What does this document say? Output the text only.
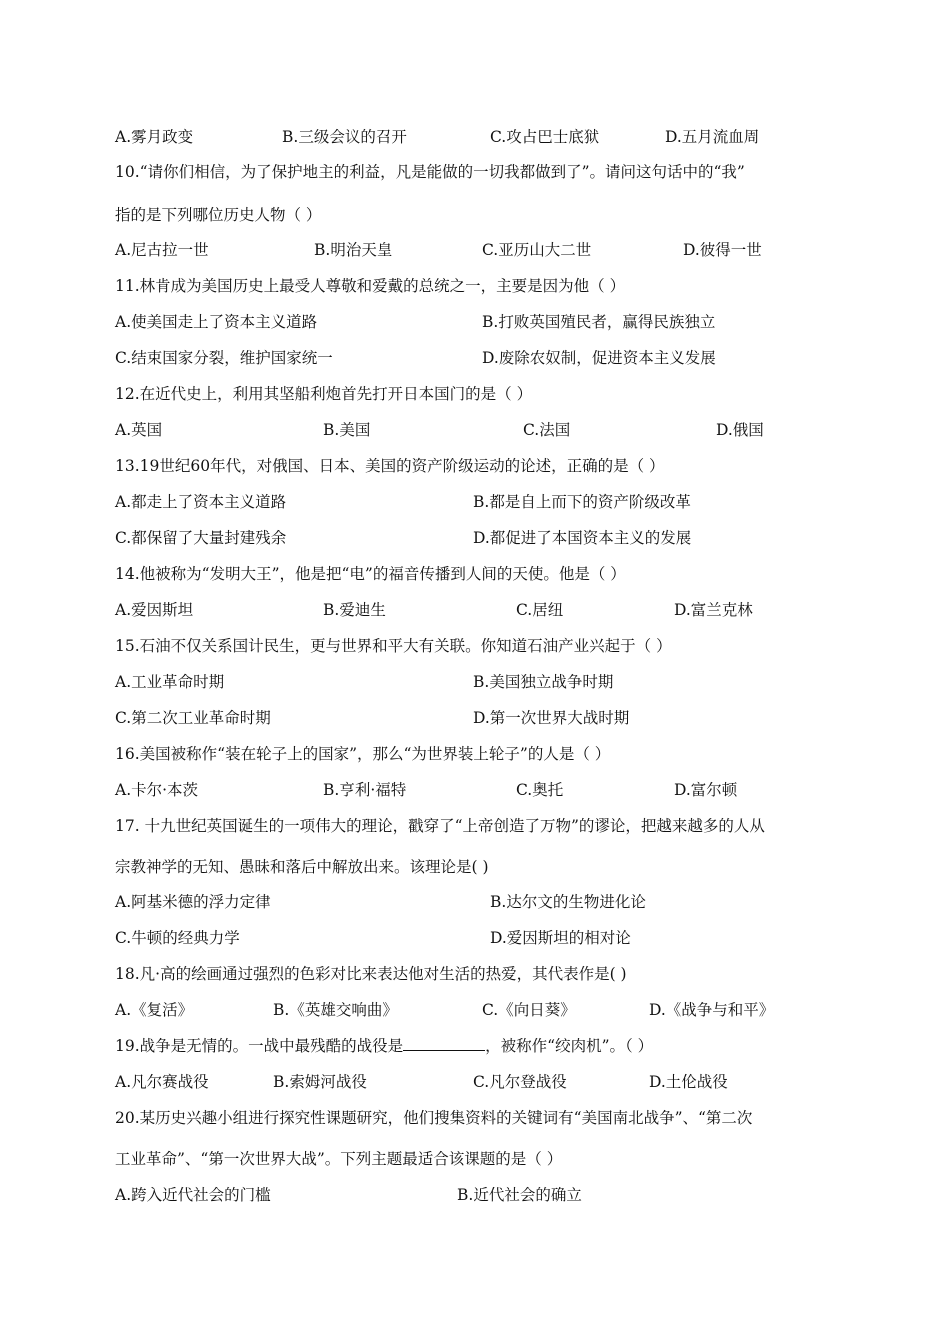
A.雾月政变	B.三级会议的召开	C.攻占巴士底狱	D.五月流血周
10.“请你们相信，为了保护地主的利益，凡是能做的一切我都做到了”。请问这句话中的“我”
指的是下列哪位历史人物（ ）
A.尼古拉一世	B.明治天皇	C.亚历山大二世	D.彼得一世
11.林肯成为美国历史上最受人尊敬和爱戴的总统之一，主要是因为他（ ）
A.使美国走上了资本主义道路	B.打败英国殖民者，赢得民族独立
C.结束国家分裂，维护国家统一	D.废除农奴制，促进资本主义发展
12.在近代史上，利用其坚船利炮首先打开日本国门的是（ ）
A.英国	B.美国	C.法国	D.俄国
13.19世纪60年代，对俄国、日本、美国的资产阶级运动的论述，正确的是（ ）
A.都走上了资本主义道路	B.都是自上而下的资产阶级改革
C.都保留了大量封建残余	D.都促进了本国资本主义的发展
14.他被称为“发明大王”，他是把“电”的福音传播到人间的天使。他是（ ）
A.爱因斯坦	B.爱迪生	C.居纽	D.富兰克林
15.石油不仅关系国计民生，更与世界和平大有关联。你知道石油产业兴起于（ ）
A.工业革命时期	B.美国独立战争时期
C.第二次工业革命时期	D.第一次世界大战时期
16.美国被称作“装在轮子上的国家”，那么“为世界装上轮子”的人是（ ）
A.卡尔·本茨	B.亨利·福特	C.奥托	D.富尔顿
17. 十九世纪英国诞生的一项伟大的理论，戳穿了“上帝创造了万物”的谬论，把越来越多的人从
宗教神学的无知、愚昧和落后中解放出来。该理论是( )
A.阿基米德的浮力定律	B.达尔文的生物进化论
C.牛顿的经典力学	D.爱因斯坦的相对论
18.凡·高的绘画通过强烈的色彩对比来表达他对生活的热爱，其代表作是( )
A.《复活》	B.《英雄交响曲》	C.《向日葵》	D.《战争与和平》
19.战争是无情的。一战中最残酷的战役是	，被称作“绞肉机”。（ ）
A.凡尔赛战役	B.索姆河战役	C.凡尔登战役	D.土伦战役
20.某历史兴趣小组进行探究性课题研究，他们搜集资料的关键词有“美国南北战争”、“第二次
工业革命”、“第一次世界大战”。下列主题最适合该课题的是（ ）
A.跨入近代社会的门槛	B.近代社会的确立
